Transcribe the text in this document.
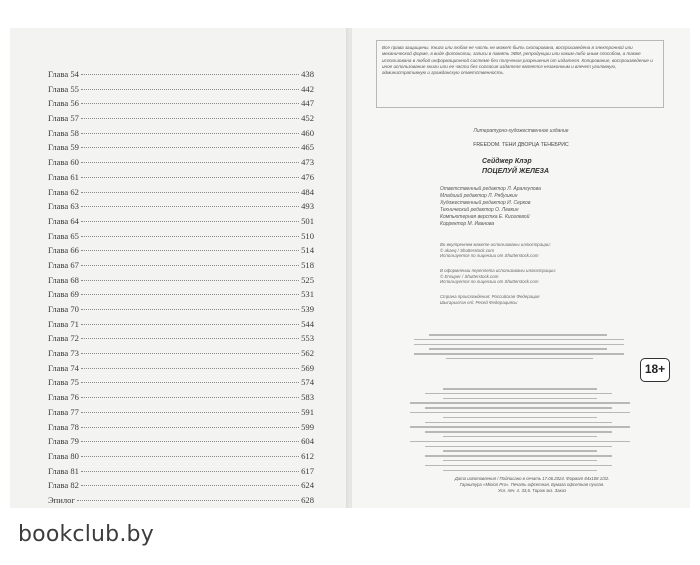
Глава 54	438
Глава 55	442
Глава 56	447
Глава 57	452
Глава 58	460
Глава 59	465
Глава 60	473
Глава 61	476
Глава 62	484
Глава 63	493
Глава 64	501
Глава 65	510
Глава 66	514
Глава 67	518
Глава 68	525
Глава 69	531
Глава 70	539
Глава 71	544
Глава 72	553
Глава 73	562
Глава 74	569
Глава 75	574
Глава 76	583
Глава 77	591
Глава 78	599
Глава 79	604
Глава 80	612
Глава 81	617
Глава 82	624
Эпилог	628
Все права защищены. Книга или любая ее часть не может быть скопирована, воспроизведена в электронной или механической форме, в виде фотокопии, записи в память ЭВМ, репродукции или каким-либо иным способом, а также использована в любой информационной системе без получения разрешения от издателя. Копирование, воспроизведение и иное использование книги или ее части без согласия издателя является незаконным и влечет уголовную, административную и гражданскую ответственность.
Литературно-художественное издание
FREEDOM. ТЕНИ ДВОРЦА ТЕНЕБРИС
Сейджер Клэр
ПОЦЕЛУЙ ЖЕЛЕЗА
Ответственный редактор Л. Аралгулова
Младший редактор Л. Рябушкин
Художественный редактор И. Серков
Технический редактор О. Левкин
Компьютерная верстка Е. Киселевой
Корректор М. Иванова
Во внутреннем макете использованы иллюстрации:
© akaeq / Shutterstock.com
Используется по лицензии от Shutterstock.com
В оформлении переплета использованы иллюстрации:
© Ensuper / Shutterstock.com
Используется по лицензии от Shutterstock.com
Страна происхождения: Российская Федерация
Шығарылған елі: Ресей Федерациясы
18+
Дата изготовления / Подписано в печать 17.06.2024. Формат 84x108 1/32.
Гарнитура «Minion Pro». Печать офсетная. Бумага офсетная пухлая.
Усл. печ. л. 33,6. Тираж экз. Заказ
bookclub.by
